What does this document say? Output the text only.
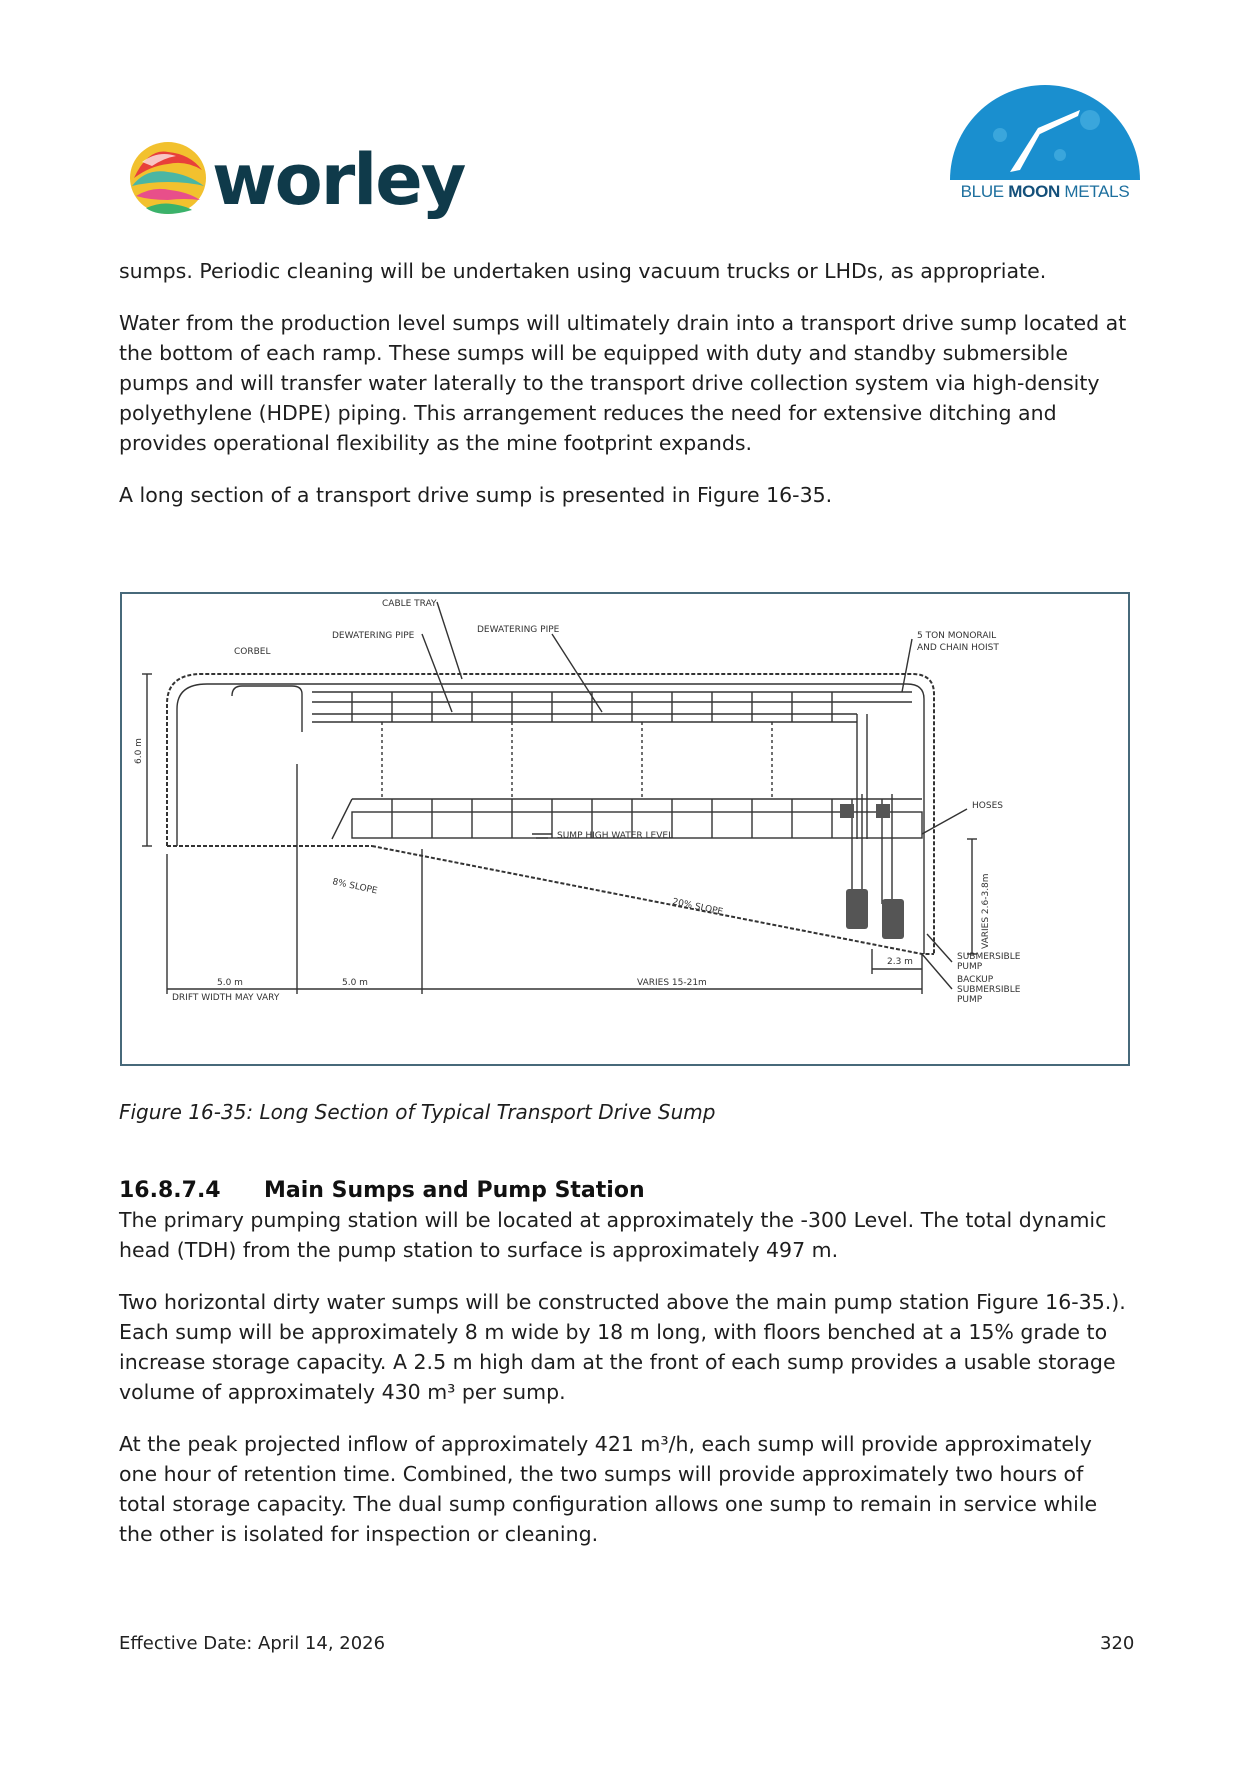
worley	BLUE MOON METALS

sumps. Periodic cleaning will be undertaken using vacuum trucks or LHDs, as appropriate.

Water from the production level sumps will ultimately drain into a transport drive sump located at the bottom of each ramp. These sumps will be equipped with duty and standby submersible pumps and will transfer water laterally to the transport drive collection system via high-density polyethylene (HDPE) piping. This arrangement reduces the need for extensive ditching and provides operational flexibility as the mine footprint expands.

A long section of a transport drive sump is presented in Figure 16-35.

CABLE TRAY
DEWATERING PIPE
DEWATERING PIPE
CORBEL
5 TON MONORAIL
AND CHAIN HOIST
HOSES
6.0 m
8% SLOPE
20% SLOPE
SUMP HIGH WATER LEVEL
VARIES 2.6-3.8m
SUBMERSIBLE
PUMP
BACKUP
SUBMERSIBLE
PUMP
2.3 m
5.0 m
DRIFT WIDTH MAY VARY
5.0 m	VARIES 15-21m
Figure 16-35: Long Section of Typical Transport Drive Sump
16.8.7.4 Main Sumps and Pump Station

The primary pumping station will be located at approximately the -300 Level. The total dynamic head (TDH) from the pump station to surface is approximately 497 m.

Two horizontal dirty water sumps will be constructed above the main pump station Figure 16-35.). Each sump will be approximately 8 m wide by 18 m long, with floors benched at a 15% grade to increase storage capacity. A 2.5 m high dam at the front of each sump provides a usable storage volume of approximately 430 m³ per sump.

At the peak projected inflow of approximately 421 m³/h, each sump will provide approximately one hour of retention time. Combined, the two sumps will provide approximately two hours of total storage capacity. The dual sump configuration allows one sump to remain in service while the other is isolated for inspection or cleaning.

Effective Date: April 14, 2026	320
